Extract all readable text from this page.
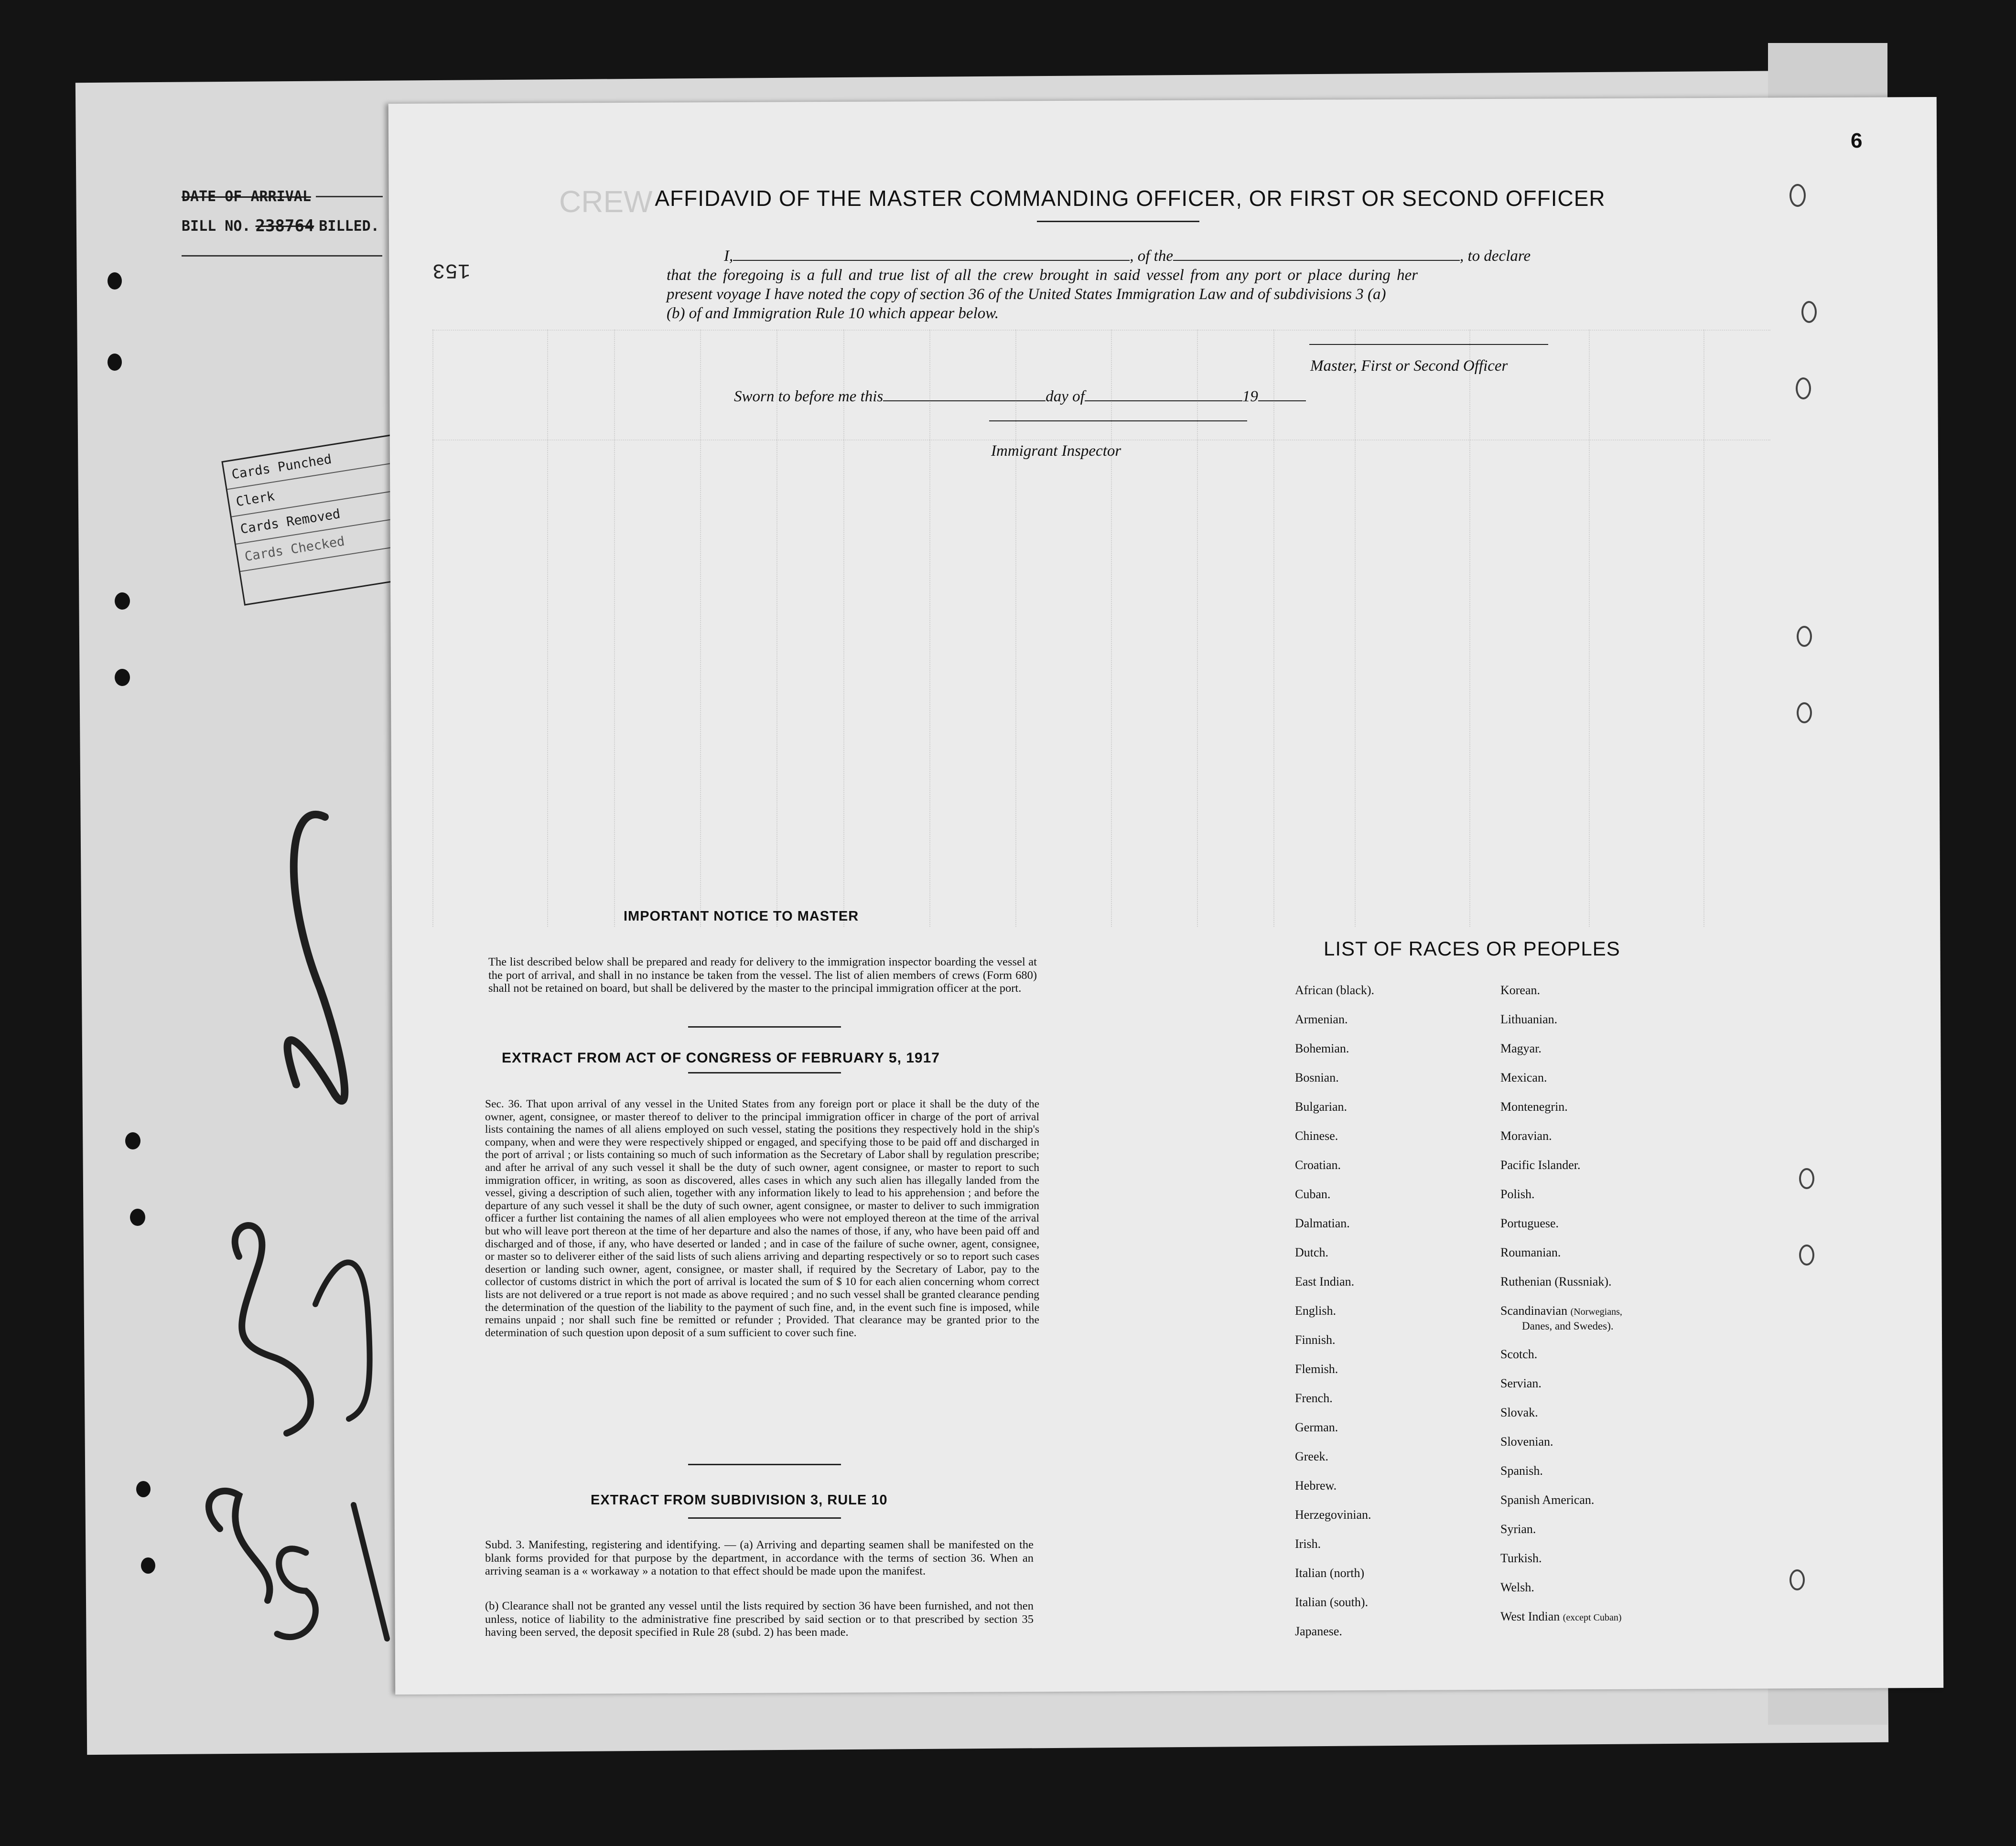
DATE OF ARRIVAL
BILL NO. 238764 BILLED.
Cards Punched
Clerk
Cards Removed
Cards Checked
CREW
6
153
AFFIDAVID OF THE MASTER COMMANDING OFFICER, OR FIRST OR SECOND OFFICER
I,	, of the	, to declare
that the foregoing is a full and true list of all the crew brought in said vessel from any port or place during her
present voyage I have noted the copy of section 36 of the United States Immigration Law and of subdivisions 3 (a)
(b) of and Immigration Rule 10 which appear below.
Master, First or Second Officer
Sworn to before me this	day of	19
Immigrant Inspector
IMPORTANT NOTICE TO MASTER
The list described below shall be prepared and ready for delivery to the immigration inspector boarding the vessel at the port of arrival, and shall in no instance be taken from the vessel. The list of alien members of crews (Form 680) shall not be retained on board, but shall be delivered by the master to the principal immigration officer at the port.
EXTRACT FROM ACT OF CONGRESS OF FEBRUARY 5, 1917
Sec. 36. That upon arrival of any vessel in the United States from any foreign port or place it shall be the duty of the owner, agent, consignee, or master thereof to deliver to the principal immigration officer in charge of the port of arrival lists containing the names of all aliens employed on such vessel, stating the positions they respectively hold in the ship's company, when and were they were respectively shipped or engaged, and specifying those to be paid off and discharged in the port of arrival ; or lists containing so much of such information as the Secretary of Labor shall by regulation prescribe; and after he arrival of any such vessel it shall be the duty of such owner, agent consignee, or master to report to such immigration officer, in writing, as soon as discovered, alles cases in which any such alien has illegally landed from the vessel, giving a description of such alien, together with any information likely to lead to his apprehension ; and before the departure of any such vessel it shall be the duty of such owner, agent consignee, or master to deliver to such immigration officer a further list containing the names of all alien employees who were not employed thereon at the time of the arrival but who will leave port thereon at the time of her departure and also the names of those, if any, who have been paid off and discharged and of those, if any, who have deserted or landed ; and in case of the failure of suche owner, agent, consignee, or master so to deliverer either of the said lists of such aliens arriving and departing respectively or so to report such cases desertion or landing such owner, agent, consignee, or master shall, if required by the Secretary of Labor, pay to the collector of customs district in which the port of arrival is located the sum of $ 10 for each alien concerning whom correct lists are not delivered or a true report is not made as above required ; and no such vessel shall be granted clearance pending the determination of the question of the liability to the payment of such fine, and, in the event such fine is imposed, while remains unpaid ; nor shall such fine be remitted or refunder ; Provided. That clearance may be granted prior to the determination of such question upon deposit of a sum sufficient to cover such fine.
EXTRACT FROM SUBDIVISION 3, RULE 10
Subd. 3. Manifesting, registering and identifying. — (a) Arriving and departing seamen shall be manifested on the blank forms provided for that purpose by the department, in accordance with the terms of section 36. When an arriving seaman is a « workaway » a notation to that effect should be made upon the manifest.
(b) Clearance shall not be granted any vessel until the lists required by section 36 have been furnished, and not then unless, notice of liability to the administrative fine prescribed by said section or to that prescribed by section 35 having been served, the deposit specified in Rule 28 (subd. 2) has been made.
LIST OF RACES OR PEOPLES
African (black).
Armenian.
Bohemian.
Bosnian.
Bulgarian.
Chinese.
Croatian.
Cuban.
Dalmatian.
Dutch.
East Indian.
English.
Finnish.
Flemish.
French.
German.
Greek.
Hebrew.
Herzegovinian.
Irish.
Italian (north)
Italian (south).
Japanese.
Korean.
Lithuanian.
Magyar.
Mexican.
Montenegrin.
Moravian.
Pacific Islander.
Polish.
Portuguese.
Roumanian.
Ruthenian (Russniak).
Scandinavian (Norwegians,
Danes, and Swedes).
Scotch.
Servian.
Slovak.
Slovenian.
Spanish.
Spanish American.
Syrian.
Turkish.
Welsh.
West Indian (except Cuban)
